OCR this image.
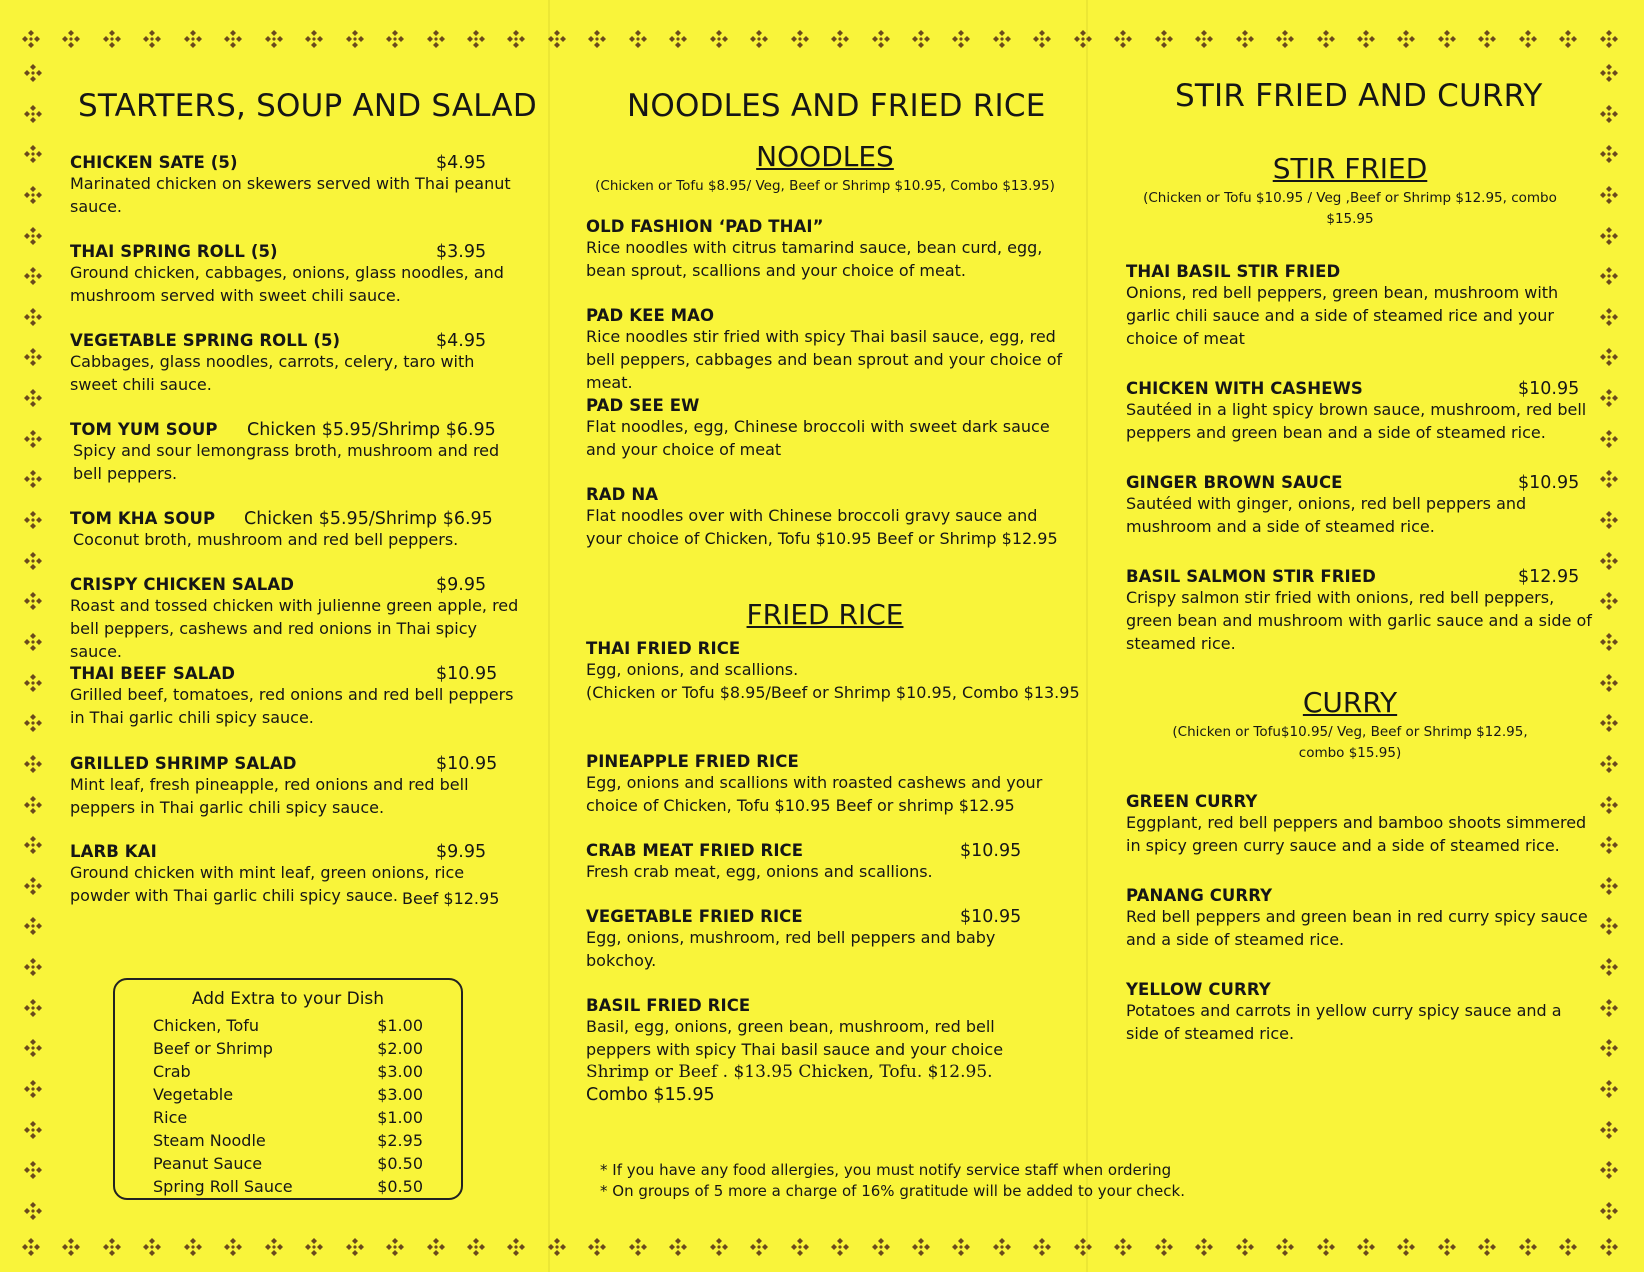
STARTERS, SOUP AND SALAD
CHICKEN SATE (5)	$4.95
Marinated chicken on skewers served with Thai peanut sauce.
THAI SPRING ROLL (5)	$3.95
Ground chicken, cabbages, onions, glass noodles, and mushroom served with sweet chili sauce.
VEGETABLE SPRING ROLL (5)	$4.95
Cabbages, glass noodles, carrots, celery, taro with sweet chili sauce.
TOM YUM SOUP	Chicken $5.95/Shrimp $6.95
Spicy and sour lemongrass broth, mushroom and red bell peppers.
TOM KHA SOUP	Chicken $5.95/Shrimp $6.95
Coconut broth, mushroom and red bell peppers.
CRISPY CHICKEN SALAD	$9.95
Roast and tossed chicken with julienne green apple, red bell peppers, cashews and red onions in Thai spicy sauce.
THAI BEEF SALAD	$10.95
Grilled beef, tomatoes, red onions and red bell peppers in Thai garlic chili spicy sauce.
GRILLED SHRIMP SALAD	$10.95
Mint leaf, fresh pineapple, red onions and red bell peppers in Thai garlic chili spicy sauce.
LARB KAI	$9.95
Ground chicken with mint leaf, green onions, rice powder with Thai garlic chili spicy sauce. Beef $12.95
Add Extra to your Dish
Chicken, Tofu	$1.00
Beef or Shrimp	$2.00
Crab	$3.00
Vegetable	$3.00
Rice	$1.00
Steam Noodle	$2.95
Peanut Sauce	$0.50
Spring Roll Sauce	$0.50
NOODLES AND FRIED RICE
NOODLES
(Chicken or Tofu $8.95/ Veg, Beef or Shrimp $10.95, Combo $13.95)
OLD FASHION ‘PAD THAI”
Rice noodles with citrus tamarind sauce, bean curd, egg, bean sprout, scallions and your choice of meat.
PAD KEE MAO
Rice noodles stir fried with spicy Thai basil sauce, egg, red bell peppers, cabbages and bean sprout and your choice of meat.
PAD SEE EW
Flat noodles, egg, Chinese broccoli with sweet dark sauce and your choice of meat
RAD NA
Flat noodles over with Chinese broccoli gravy sauce and your choice of Chicken, Tofu $10.95 Beef or Shrimp $12.95
FRIED RICE
THAI FRIED RICE
Egg, onions, and scallions.
(Chicken or Tofu $8.95/Beef or Shrimp $10.95, Combo $13.95
PINEAPPLE FRIED RICE
Egg, onions and scallions with roasted cashews and your choice of Chicken, Tofu $10.95 Beef or shrimp $12.95
CRAB MEAT FRIED RICE	$10.95
Fresh crab meat, egg, onions and scallions.
VEGETABLE FRIED RICE	$10.95
Egg, onions, mushroom, red bell peppers and baby bokchoy.
BASIL FRIED RICE
Basil, egg, onions, green bean, mushroom, red bell peppers with spicy Thai basil sauce and your choice
Shrimp or Beef . $13.95 Chicken, Tofu. $12.95.
Combo $15.95
STIR FRIED AND CURRY
STIR FRIED
(Chicken or Tofu $10.95 / Veg ,Beef or Shrimp $12.95, combo $15.95
THAI BASIL STIR FRIED
Onions, red bell peppers, green bean, mushroom with garlic chili sauce and a side of steamed rice and your choice of meat
CHICKEN WITH CASHEWS	$10.95
Sautéed in a light spicy brown sauce, mushroom, red bell peppers and green bean and a side of steamed rice.
GINGER BROWN SAUCE	$10.95
Sautéed with ginger, onions, red bell peppers and mushroom and a side of steamed rice.
BASIL SALMON STIR FRIED	$12.95
Crispy salmon stir fried with onions, red bell peppers, green bean and mushroom with garlic sauce and a side of steamed rice.
CURRY
(Chicken or Tofu$10.95/ Veg, Beef or Shrimp $12.95, combo $15.95)
GREEN CURRY
Eggplant, red bell peppers and bamboo shoots simmered in spicy green curry sauce and a side of steamed rice.
PANANG CURRY
Red bell peppers and green bean in red curry spicy sauce and a side of steamed rice.
YELLOW CURRY
Potatoes and carrots in yellow curry spicy sauce and a side of steamed rice.
* If you have any food allergies, you must notify service staff when ordering
* On groups of 5 more a charge of 16% gratitude will be added to your check.
